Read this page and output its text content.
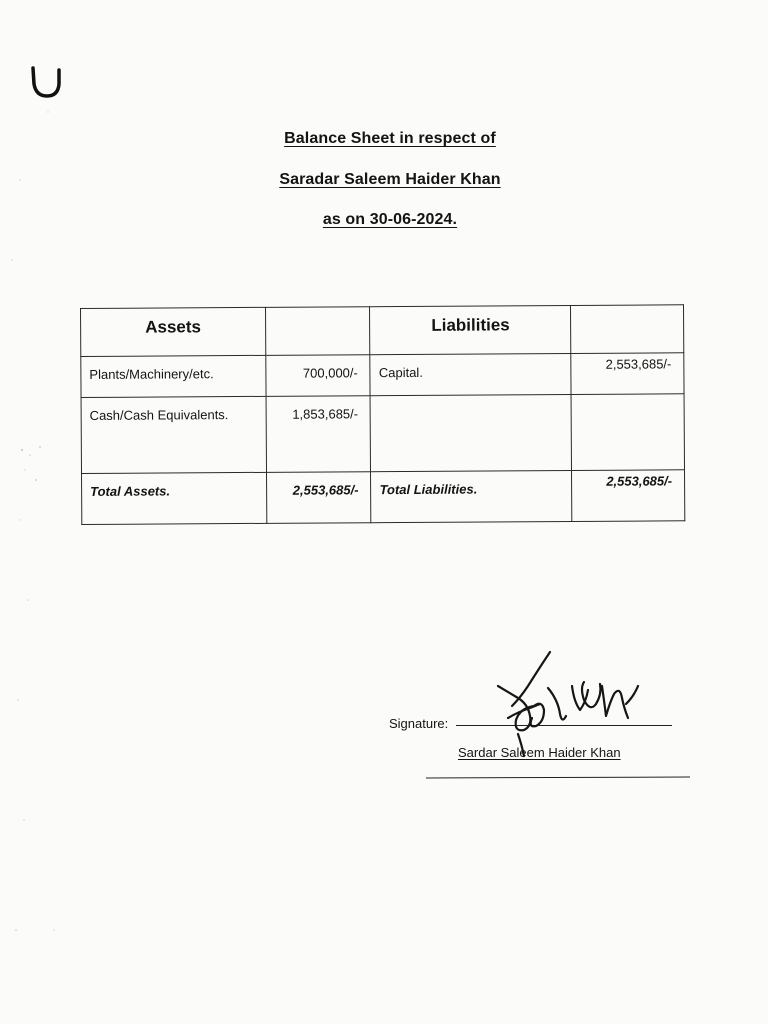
Balance Sheet in respect of
Saradar Saleem Haider Khan
as on 30-06-2024.
Assets		Liabilities	

Plants/Machinery/etc.	700,000/-	Capital.	2,553,685/-

Cash/Cash Equivalents.	1,853,685/-		

Total Assets.	2,553,685/-	Total Liabilities.	2,553,685/-
Signature:
Sardar Saleem Haider Khan
